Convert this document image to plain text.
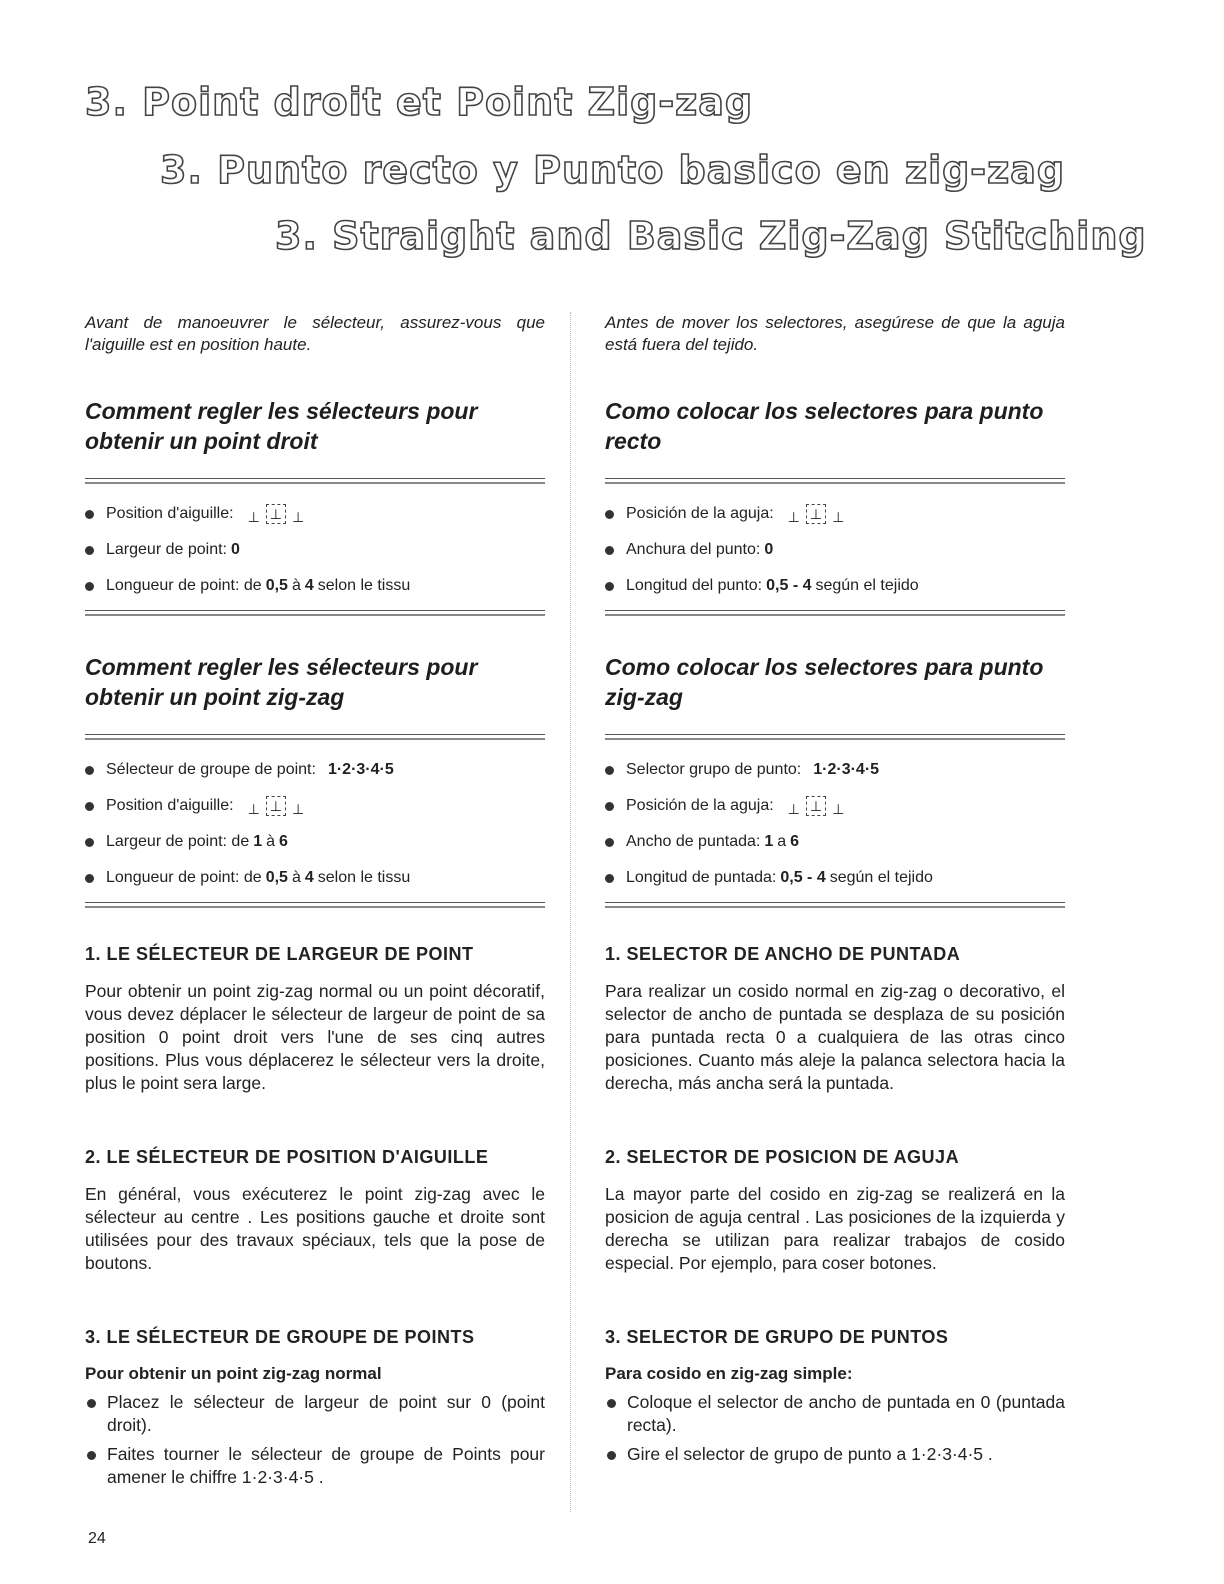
3. Point droit et Point Zig-zag
3. Punto recto y Punto basico en zig-zag
3. Straight and Basic Zig-Zag Stitching

Avant de manoeuvrer le sélecteur, assurez-vous que l'aiguille est en position haute.

Comment regler les sélecteurs pour obtenir un point droit
Position d'aiguille: ⊥ ⊥ ⊥
Largeur de point: 0
Longueur de point: de 0,5 à 4 selon le tissu
Comment regler les sélecteurs pour obtenir un point zig-zag
Sélecteur de groupe de point: 1·2·3·4·5
Position d'aiguille: ⊥ ⊥ ⊥
Largeur de point: de 1 à 6
Longueur de point: de 0,5 à 4 selon le tissu
1. LE SÉLECTEUR DE LARGEUR DE POINT

Pour obtenir un point zig-zag normal ou un point décoratif, vous devez déplacer le sélecteur de largeur de point de sa position 0 point droit vers l'une de ses cinq autres positions. Plus vous déplacerez le sélecteur vers la droite, plus le point sera large.

2. LE SÉLECTEUR DE POSITION D'AIGUILLE

En général, vous exécuterez le point zig-zag avec le sélecteur au centre . Les positions gauche et droite sont utilisées pour des travaux spéciaux, tels que la pose de boutons.

3. LE SÉLECTEUR DE GROUPE DE POINTS
Pour obtenir un point zig-zag normal
Placez le sélecteur de largeur de point sur 0 (point droit).
Faites tourner le sélecteur de groupe de Points pour amener le chiffre 1·2·3·4·5 .

Antes de mover los selectores, asegúrese de que la aguja está fuera del tejido.

Como colocar los selectores para punto recto
Posición de la aguja: ⊥ ⊥ ⊥
Anchura del punto: 0
Longitud del punto: 0,5 - 4 según el tejido
Como colocar los selectores para punto zig-zag
Selector grupo de punto: 1·2·3·4·5
Posición de la aguja: ⊥ ⊥ ⊥
Ancho de puntada: 1 a 6
Longitud de puntada: 0,5 - 4 según el tejido
1. SELECTOR DE ANCHO DE PUNTADA

Para realizar un cosido normal en zig-zag o decorativo, el selector de ancho de puntada se desplaza de su posición para puntada recta 0 a cualquiera de las otras cinco posiciones. Cuanto más aleje la palanca selectora hacia la derecha, más ancha será la puntada.

2. SELECTOR DE POSICION DE AGUJA

La mayor parte del cosido en zig-zag se realizerá en la posicion de aguja central . Las posiciones de la izquierda y derecha se utilizan para realizar trabajos de cosido especial. Por ejemplo, para coser botones.

3. SELECTOR DE GRUPO DE PUNTOS
Para cosido en zig-zag simple:
Coloque el selector de ancho de puntada en 0 (puntada recta).
Gire el selector de grupo de punto a 1·2·3·4·5 .
24
